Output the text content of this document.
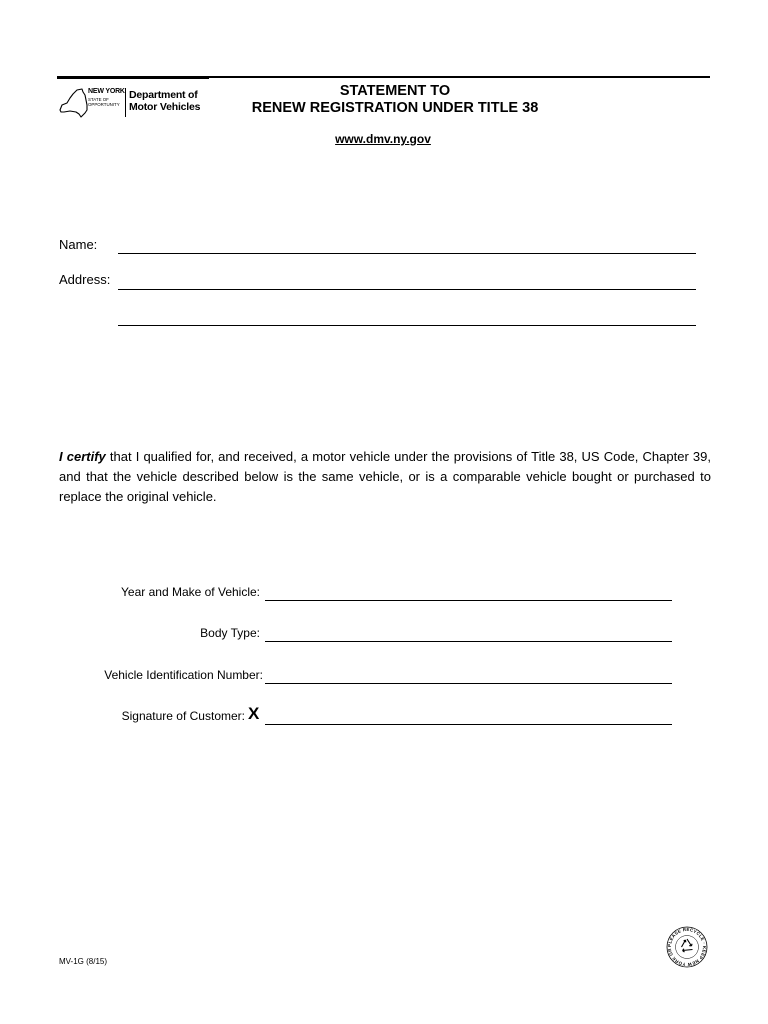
NEW YORK
STATE OF OPPORTUNITY
Department of
Motor Vehicles
STATEMENT TO
RENEW REGISTRATION UNDER TITLE 38
www.dmv.ny.gov
Name:
Address:

I certify that I qualified for, and received, a motor vehicle under the provisions of Title 38, US Code, Chapter 39, and that the vehicle described below is the same vehicle, or is a comparable vehicle bought or purchased to replace the original vehicle.

Year and Make of Vehicle:
Body Type:
Vehicle Identification Number:
Signature of Customer: X
MV-1G (8/15)
PLEASE RECYCLE · KEEP NEW YORK GR
